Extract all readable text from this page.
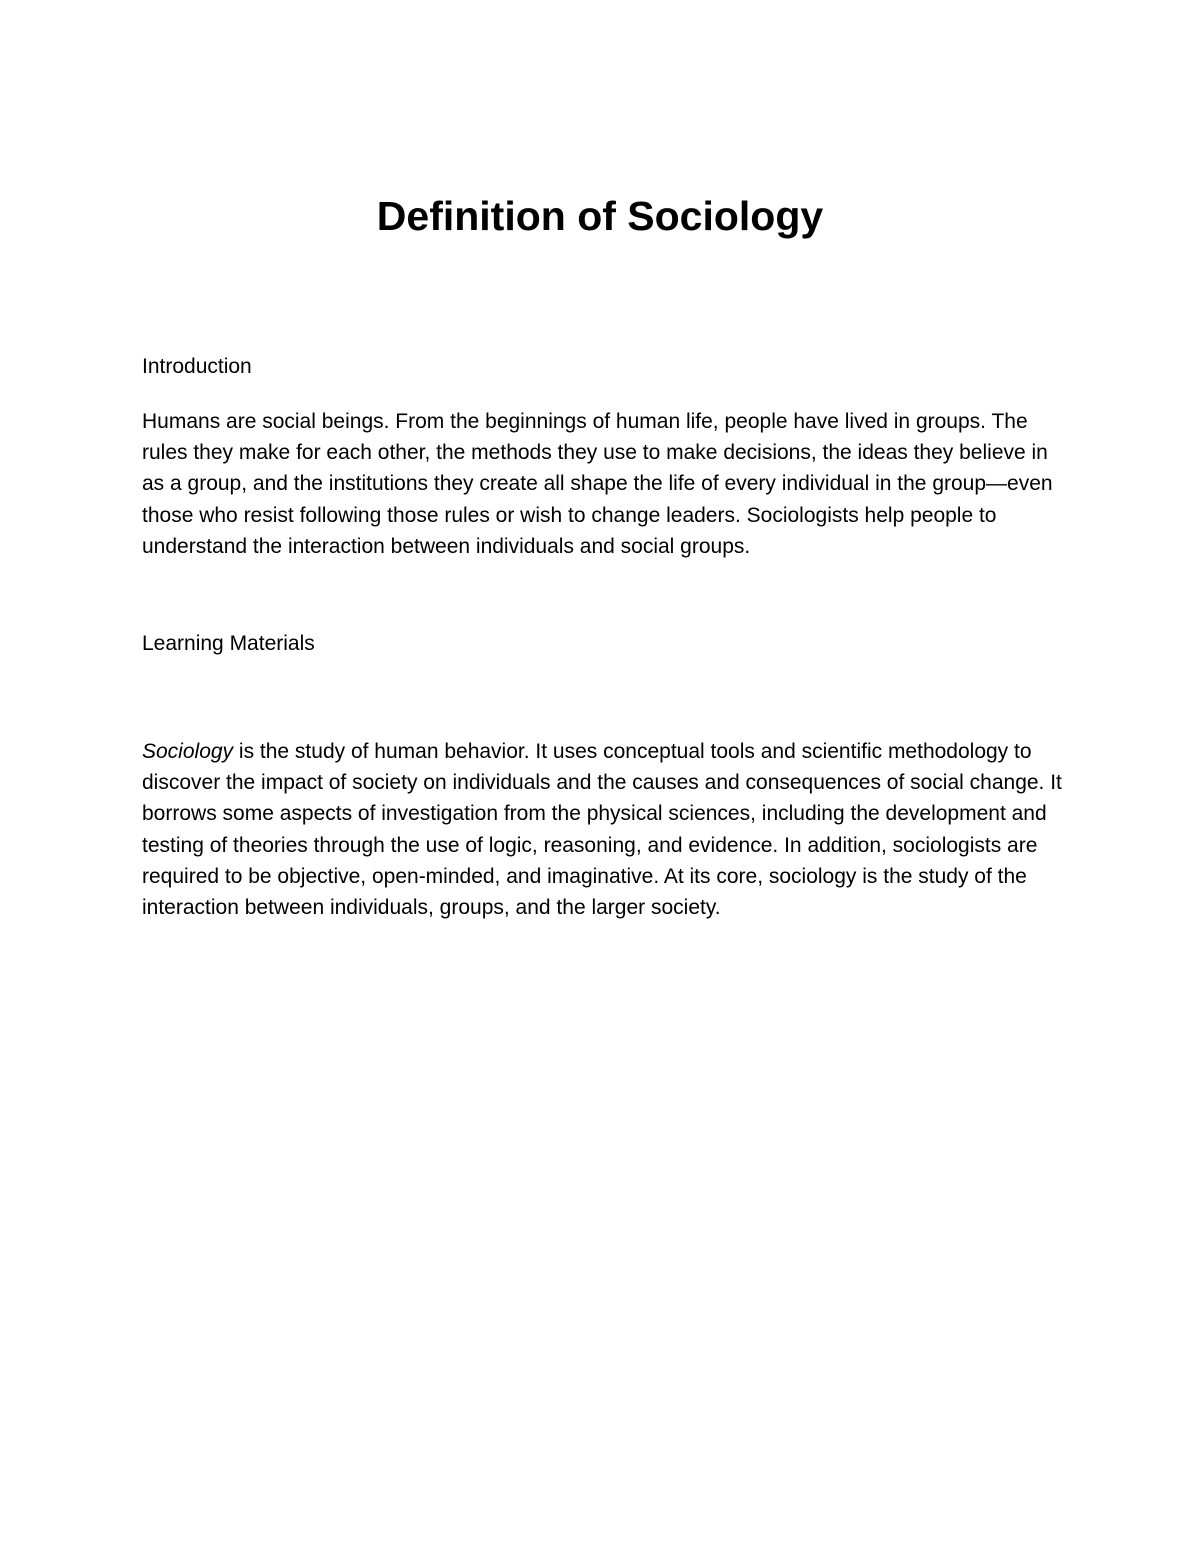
Definition of Sociology
Introduction

Humans are social beings. From the beginnings of human life, people have lived in groups. The rules they make for each other, the methods they use to make decisions, the ideas they believe in as a group, and the institutions they create all shape the life of every individual in the group—even those who resist following those rules or wish to change leaders. Sociologists help people to understand the interaction between individuals and social groups.

Learning Materials

Sociology is the study of human behavior. It uses conceptual tools and scientific methodology to discover the impact of society on individuals and the causes and consequences of social change. It borrows some aspects of investigation from the physical sciences, including the development and testing of theories through the use of logic, reasoning, and evidence. In addition, sociologists are required to be objective, open-minded, and imaginative. At its core, sociology is the study of the interaction between individuals, groups, and the larger society.
